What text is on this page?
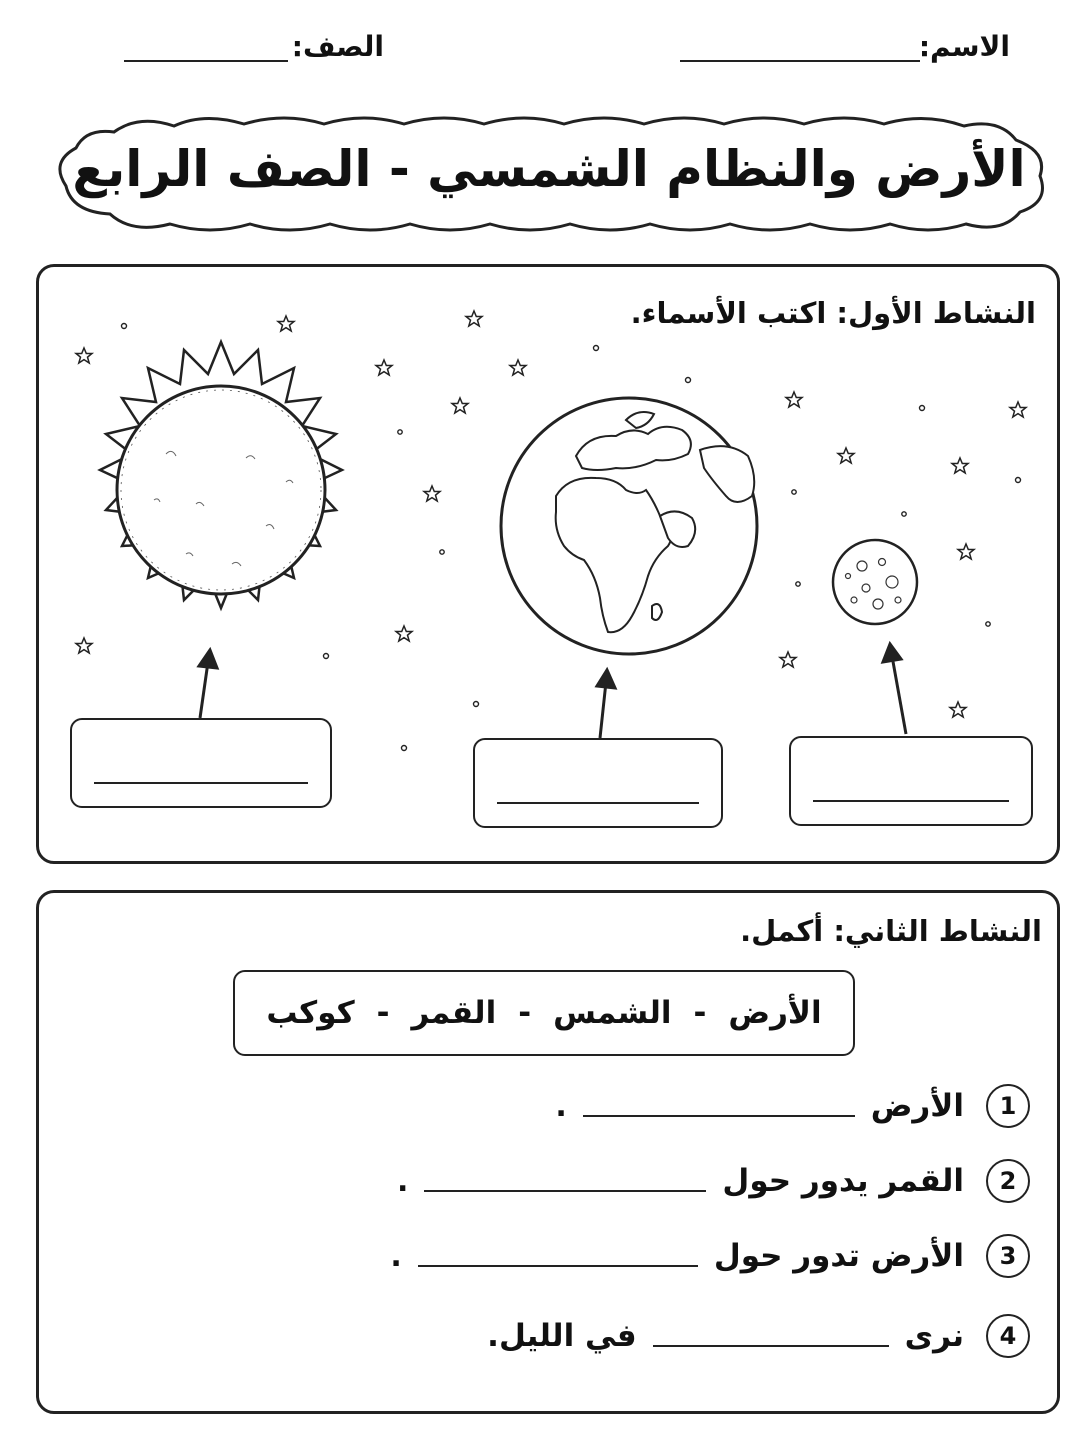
الاسم:
الصف:
الأرض والنظام الشمسي - الصف الرابع
النشاط الأول: اكتب الأسماء.
النشاط الثاني: أكمل.
الأرض
-
الشمس
-
القمر
-
كوكب
1
الأرض
.
2
القمر يدور حول
.
3
الأرض تدور حول
.
4
نرى
في الليل.
